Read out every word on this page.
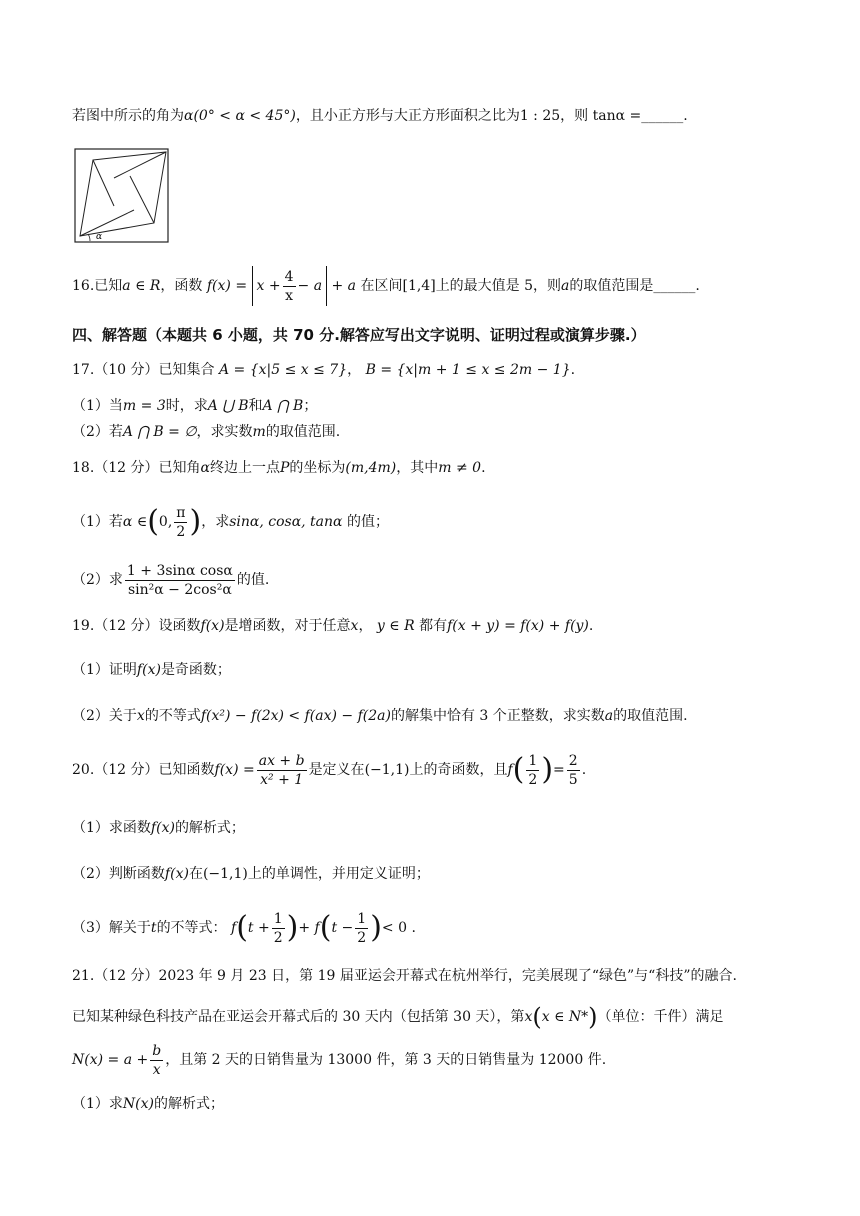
若图中所示的角为α(0° < α < 45°)，且小正方形与大正方形面积之比为1 : 25，则 tanα =______.
α
16.已知a ∈ R，函数 $f(x) = x + \frac{4}{x} - a + a$ 在区间[1,4]上的最大值是 5，则a的取值范围是______.
四、解答题（本题共 6 小题，共 70 分.解答应写出文字说明、证明过程或演算步骤.）
17.（10 分）已知集合 A = {x|5 ≤ x ≤ 7}， B = {x|m + 1 ≤ x ≤ 2m − 1}.
（1）当m = 3时，求A ⋃ B和A ⋂ B；
（2）若A ⋂ B = ∅，求实数m的取值范围.
18.（12 分）已知角α终边上一点P的坐标为(m,4m)，其中m ≠ 0.
（1）若α ∈(0, $\frac{\pi}{2}$ )，求sinα, cosα, tanα 的值；
（2）求 $\frac{\text{1 + 3sinα cosα}}{\text{sin²α − 2cos²α}}$ 的值.
19.（12 分）设函数f(x)是增函数，对于任意x， y ∈ R 都有f(x + y) = f(x) + f(y).
（1）证明f(x)是奇函数；
（2）关于x的不等式f(x²) − f(2x) < f(ax) − f(2a)的解集中恰有 3 个正整数，求实数a的取值范围.
20.（12 分）已知函数$f(x) = \frac{ax + b}{\text{x² + 1}}$ 是定义在(−1,1)上的奇函数，且$f( \frac{1}{2}$ )= $\frac{2}{5}$ .
（1）求函数f(x)的解析式；
（2）判断函数f(x)在(−1,1)上的单调性，并用定义证明；
（3）解关于t的不等式： $f(t + \frac{1}{2}$ )+ $f(t - \frac{1}{2}$ )< 0 .
21.（12 分）2023 年 9 月 23 日，第 19 届亚运会开幕式在杭州举行，完美展现了“绿色”与“科技”的融合.
已知某种绿色科技产品在亚运会开幕式后的 30 天内（包括第 30 天），第x(x ∈ N*)（单位：千件）满足
$N(x) = a + \frac{b}{x}$ ，且第 2 天的日销售量为 13000 件，第 3 天的日销售量为 12000 件.
（1）求N(x)的解析式；
